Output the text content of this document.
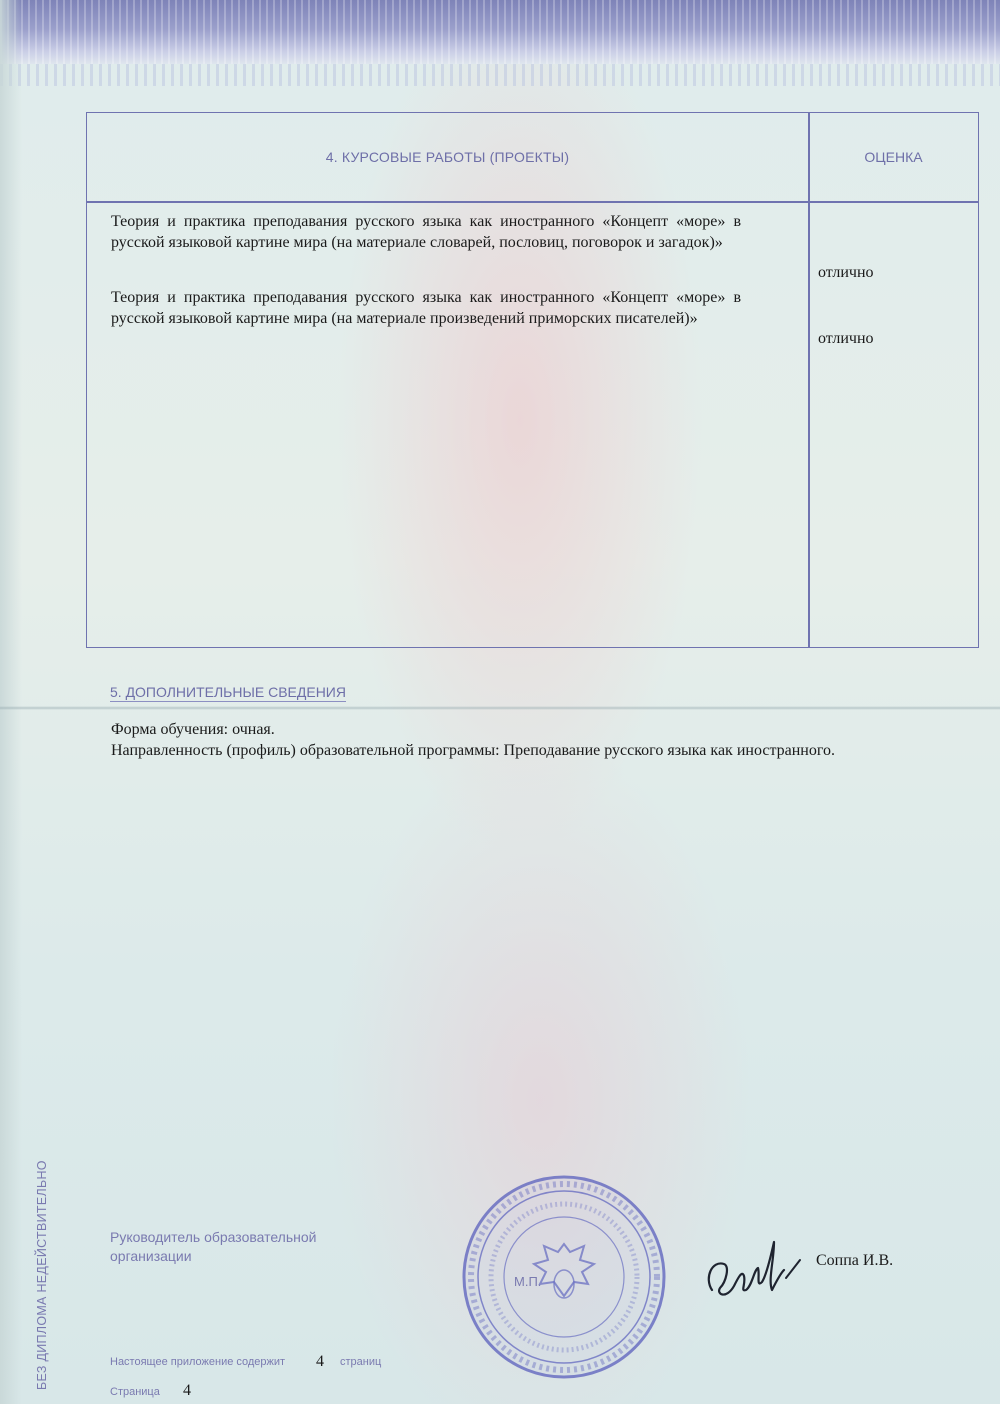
4. КУРСОВЫЕ РАБОТЫ (ПРОЕКТЫ)	ОЦЕНКА
Теория и практика преподавания русского языка как иностранного «Концепт «море» в русской языковой картине мира (на материале словарей, пословиц, поговорок и загадок)»
отлично
Теория и практика преподавания русского языка как иностранного «Концепт «море» в русской языковой картине мира (на материале произведений приморских писателей)»
отлично
5. ДОПОЛНИТЕЛЬНЫЕ СВЕДЕНИЯ
Форма обучения: очная.
Направленность (профиль) образовательной программы: Преподавание русского языка как иностранного.
БЕЗ ДИПЛОМА НЕДЕЙСТВИТЕЛЬНО	Руководитель образовательной организации
М.П.
Соппа И.В.
Настоящее приложение содержит 4 страниц
Страница 4
